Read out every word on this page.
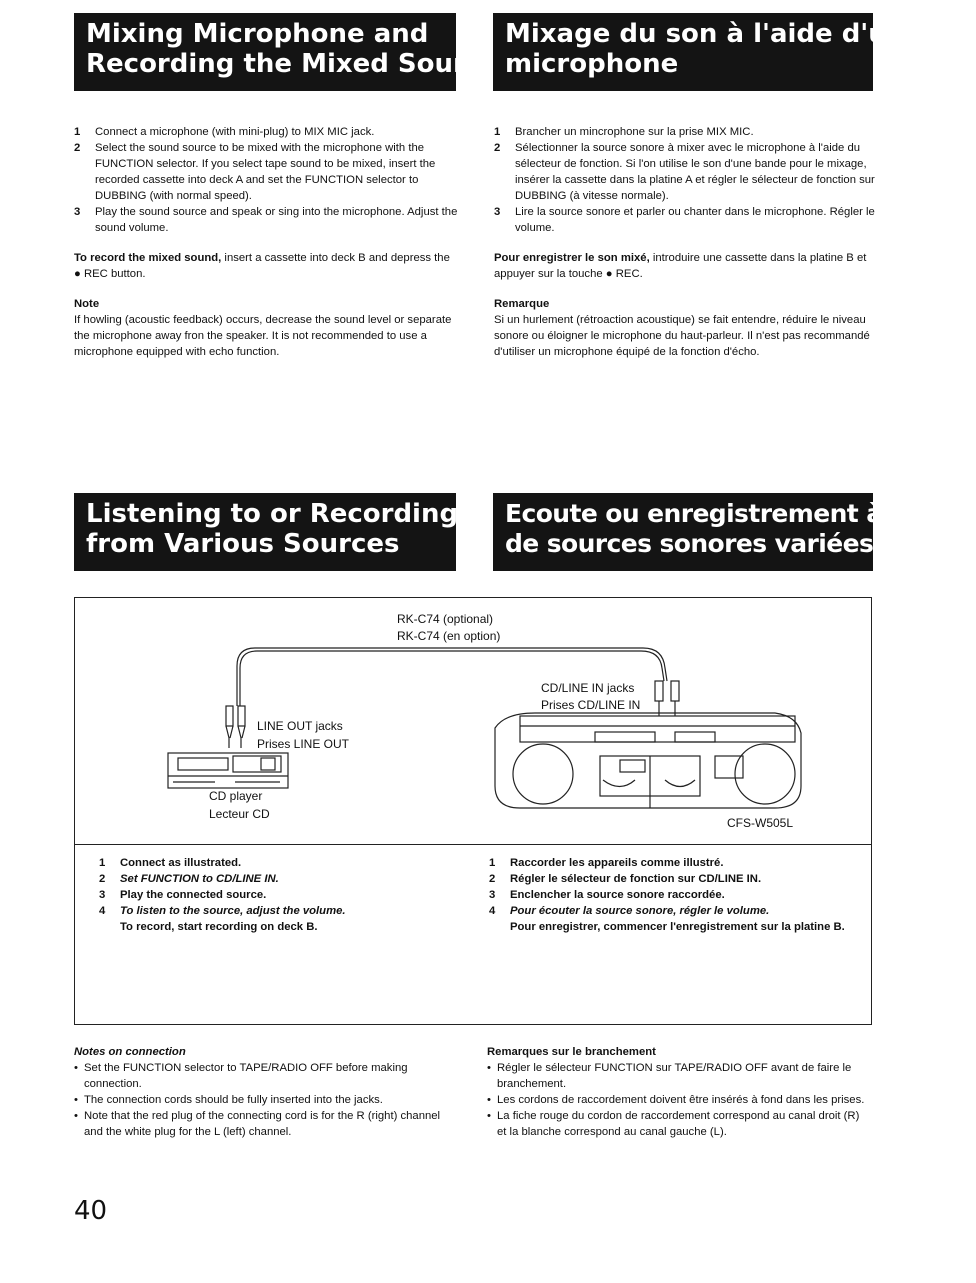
Mixing Microphone and
Recording the Mixed Sound
Mixage du son à l'aide d'un
microphone
1 Connect a microphone (with mini-plug) to MIX MIC jack.
2 Select the sound source to be mixed with the microphone with the FUNCTION selector. If you select tape sound to be mixed, insert the recorded cassette into deck A and set the FUNCTION selector to DUBBING (with normal speed).
3 Play the sound source and speak or sing into the microphone. Adjust the sound volume.

To record the mixed sound, insert a cassette into deck B and depress the ● REC button.

Note
If howling (acoustic feedback) occurs, decrease the sound level or separate the microphone away fron the speaker. It is not recommended to use a microphone equipped with echo function.
1 Brancher un mincrophone sur la prise MIX MIC.
2 Sélectionner la source sonore à mixer avec le microphone à l'aide du sélecteur de fonction. Si l'on utilise le son d'une bande pour le mixage, insérer la cassette dans la platine A et régler le sélecteur de fonction sur DUBBING (à vitesse normale).
3 Lire la source sonore et parler ou chanter dans le microphone. Régler le volume.

Pour enregistrer le son mixé, introduire une cassette dans la platine B et appuyer sur la touche ● REC.

Remarque
Si un hurlement (rétroaction acoustique) se fait entendre, réduire le niveau sonore ou éloigner le microphone du haut-parleur. Il n'est pas recommandé d'utiliser un microphone équipé de la fonction d'écho.
Listening to or Recording
from Various Sources
Ecoute ou enregistrement à partir
de sources sonores variées
RK-C74 (optional)
RK-C74 (en option)
LINE OUT jacks
Prises LINE OUT
CD player
Lecteur CD
CD/LINE IN jacks
Prises CD/LINE IN
CFS-W505L
1 Connect as illustrated.
2 Set FUNCTION to CD/LINE IN.
3 Play the connected source.
4 To listen to the source, adjust the volume.
To record, start recording on deck B.
1 Raccorder les appareils comme illustré.
2 Régler le sélecteur de fonction sur CD/LINE IN.
3 Enclencher la source sonore raccordée.
4 Pour écouter la source sonore, régler le volume.
Pour enregistrer, commencer l'enregistrement sur la platine B.
Notes on connection
• Set the FUNCTION selector to TAPE/RADIO OFF before making connection.
• The connection cords should be fully inserted into the jacks.
• Note that the red plug of the connecting cord is for the R (right) channel and the white plug for the L (left) channel.
Remarques sur le branchement
• Régler le sélecteur FUNCTION sur TAPE/RADIO OFF avant de faire le branchement.
• Les cordons de raccordement doivent être insérés à fond dans les prises.
• La fiche rouge du cordon de raccordement correspond au canal droit (R) et la blanche correspond au canal gauche (L).
40
